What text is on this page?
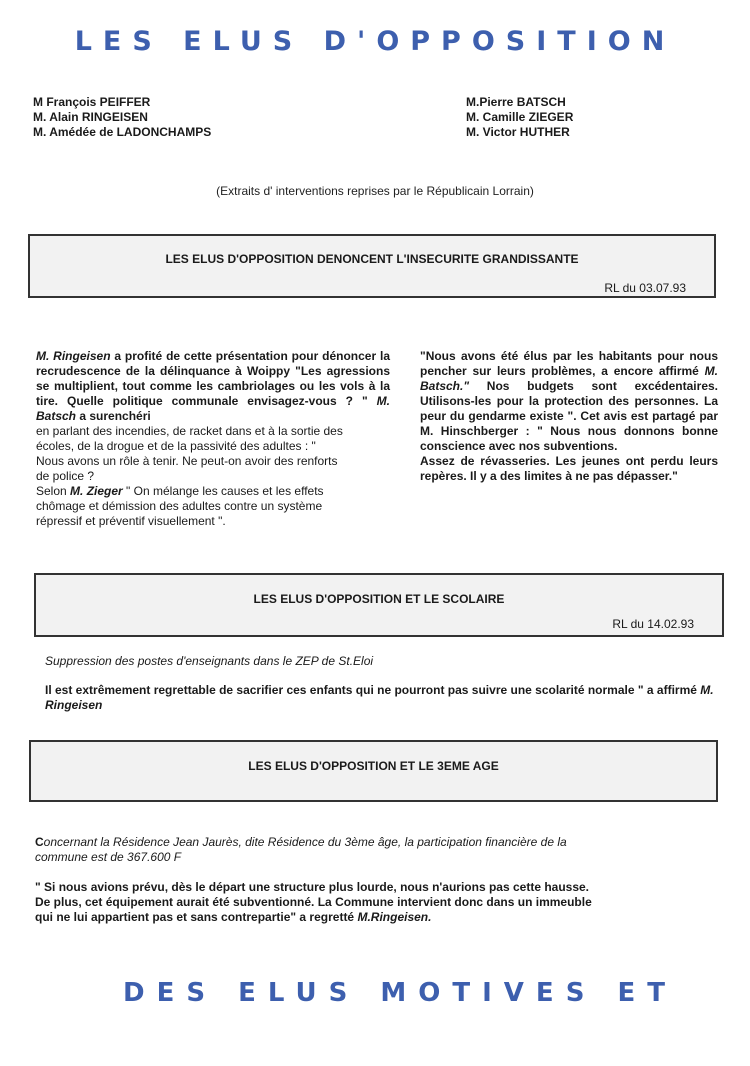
LES ELUS D'OPPOSITION
M François PEIFFER
M. Alain RINGEISEN
M. Amédée de LADONCHAMPS
M.Pierre BATSCH
M. Camille ZIEGER
M. Victor HUTHER
(Extraits d' interventions reprises par le Républicain Lorrain)
LES ELUS D'OPPOSITION DENONCENT L'INSECURITE GRANDISSANTE
RL du 03.07.93
M. Ringeisen a profité de cette présentation pour dénoncer la recrudescence de la délinquance à Woippy "Les agressions se multiplient, tout comme les cambriolages ou les vols à la tire. Quelle politique communale envisagez-vous ? " M. Batsch a surenchéri
en parlant des incendies, de racket dans et à la sortie des
écoles, de la drogue et de la passivité des adultes : "
Nous avons un rôle à tenir. Ne peut-on avoir des renforts
de police ?
Selon M. Zieger " On mélange les causes et les effets
chômage et démission des adultes contre un système
répressif et préventif visuellement ".
"Nous avons été élus par les habitants pour nous pencher sur leurs problèmes, a encore affirmé M. Batsch." Nos budgets sont excédentaires. Utilisons-les pour la protection des personnes. La peur du gendarme existe ". Cet avis est partagé par M. Hinschberger : " Nous nous donnons bonne conscience avec nos subventions.
Assez de révasseries. Les jeunes ont perdu leurs repères. Il y a des limites à ne pas dépasser."
LES ELUS D'OPPOSITION ET LE SCOLAIRE
RL du 14.02.93
Suppression des postes d'enseignants dans le ZEP de St.Eloi
Il est extrêmement regrettable de sacrifier ces enfants qui ne pourront pas suivre une scolarité normale " a affirmé M. Ringeisen
LES ELUS D'OPPOSITION ET LE 3EME AGE
Concernant la Résidence Jean Jaurès, dite Résidence du 3ème âge, la participation financière de la
commune est de 367.600 F
" Si nous avions prévu, dès le départ une structure plus lourde, nous n'aurions pas cette hausse.
De plus, cet équipement aurait été subventionné. La Commune intervient donc dans un immeuble
qui ne lui appartient pas et sans contrepartie" a regretté M.Ringeisen.
DES ELUS MOTIVES ET
